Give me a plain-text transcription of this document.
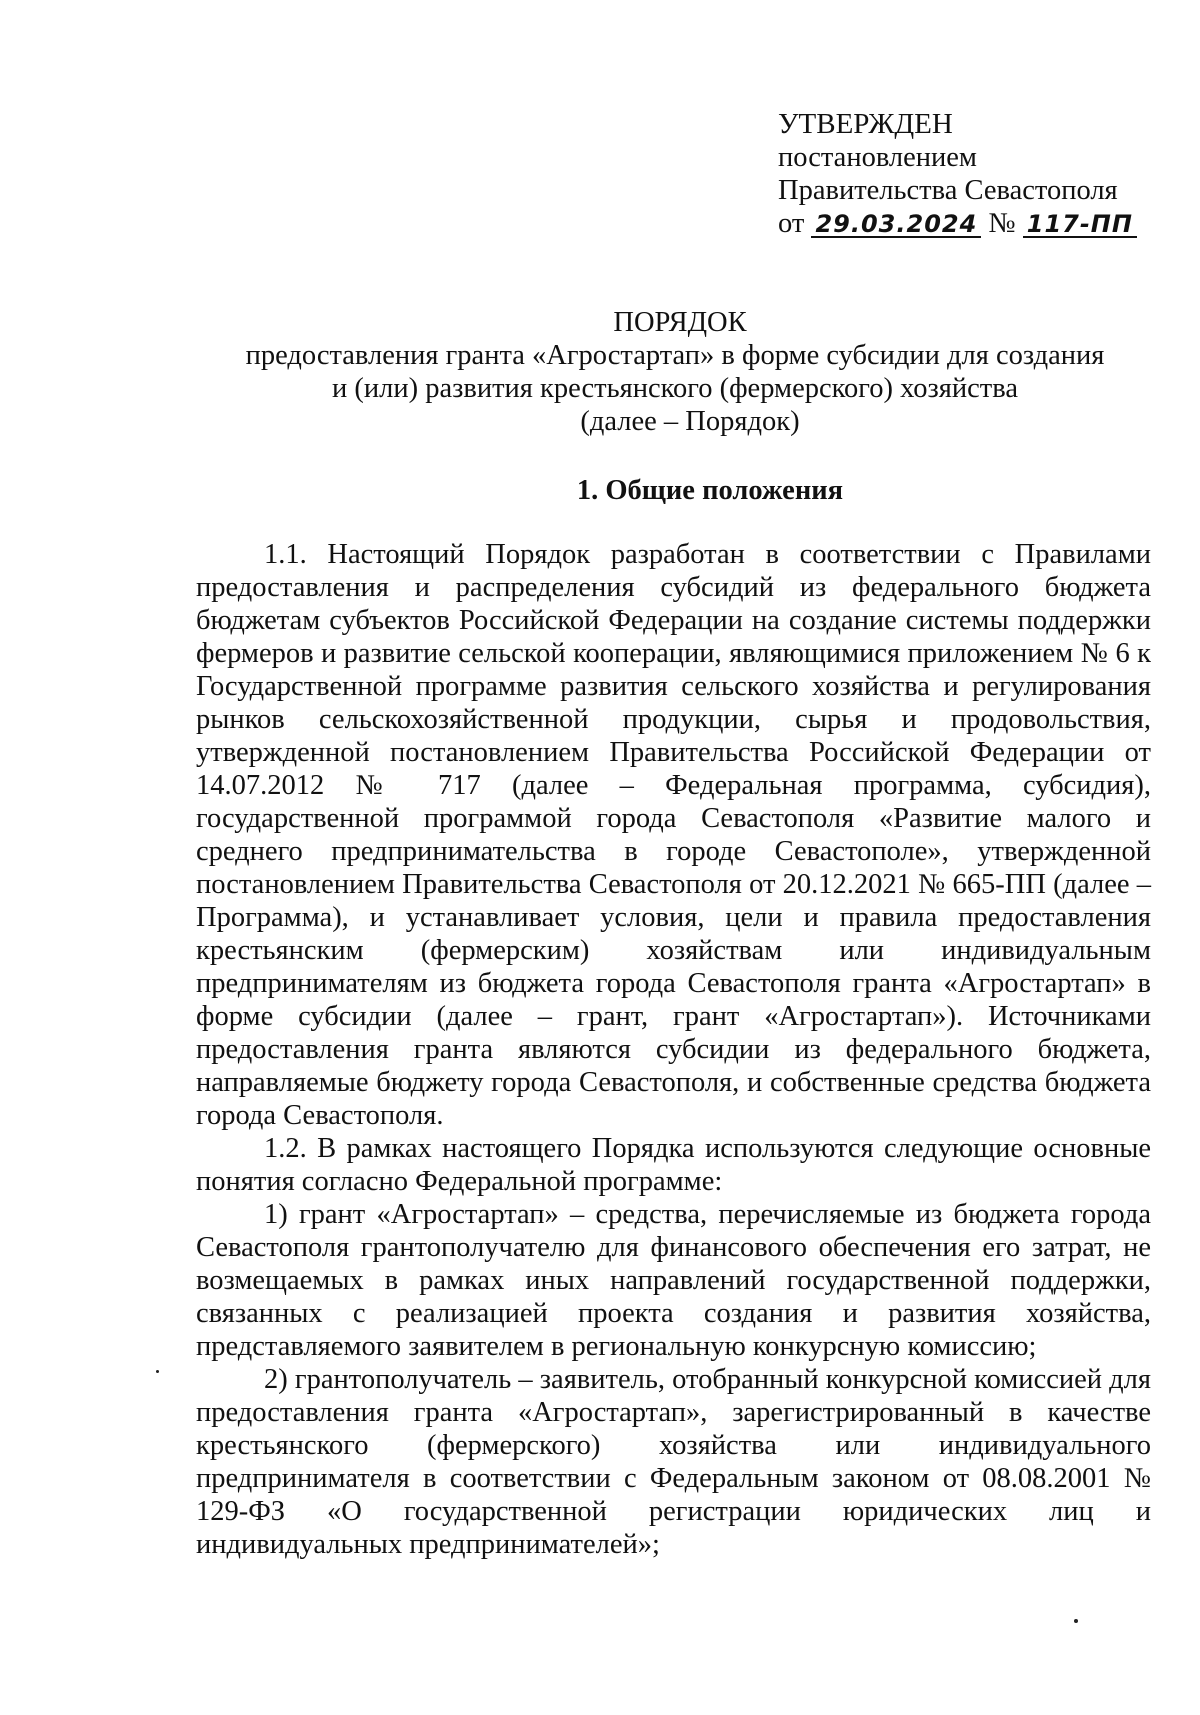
УТВЕРЖДЕН
постановлением
Правительства Севастополя
от 29.03.2024 № 117-ПП
ПОРЯДОК
предоставления гранта «Агростартап» в форме субсидии для создания
и (или) развития крестьянского (фермерского) хозяйства
(далее – Порядок)
1. Общие положения

1.1. Настоящий Порядок разработан в соответствии с Правилами предоставления и распределения субсидий из федерального бюджета бюджетам субъектов Российской Федерации на создание системы поддержки фермеров и развитие сельской кооперации, являющимися приложением № 6 к Государственной программе развития сельского хозяйства и регулирования рынков сельскохозяйственной продукции, сырья и продовольствия, утвержденной постановлением Правительства Российской Федерации от 14.07.2012 № 717 (далее – Федеральная программа, субсидия), государственной программой города Севастополя «Развитие малого и среднего предпринимательства в городе Севастополе», утвержденной постановлением Правительства Севастополя от 20.12.2021 № 665-ПП (далее – Программа), и устанавливает условия, цели и правила предоставления крестьянским (фермерским) хозяйствам или индивидуальным предпринимателям из бюджета города Севастополя гранта «Агростартап» в форме субсидии (далее – грант, грант «Агростартап»). Источниками предоставления гранта являются субсидии из федерального бюджета, направляемые бюджету города Севастополя, и собственные средства бюджета города Севастополя.

1.2. В рамках настоящего Порядка используются следующие основные понятия согласно Федеральной программе:

1) грант «Агростартап» – средства, перечисляемые из бюджета города Севастополя грантополучателю для финансового обеспечения его затрат, не возмещаемых в рамках иных направлений государственной поддержки, связанных с реализацией проекта создания и развития хозяйства, представляемого заявителем в региональную конкурсную комиссию;

2) грантополучатель – заявитель, отобранный конкурсной комиссией для предоставления гранта «Агростартап», зарегистрированный в качестве крестьянского (фермерского) хозяйства или индивидуального предпринимателя в соответствии с Федеральным законом от 08.08.2001 № 129-ФЗ «О государственной регистрации юридических лиц и индивидуальных предпринимателей»;
